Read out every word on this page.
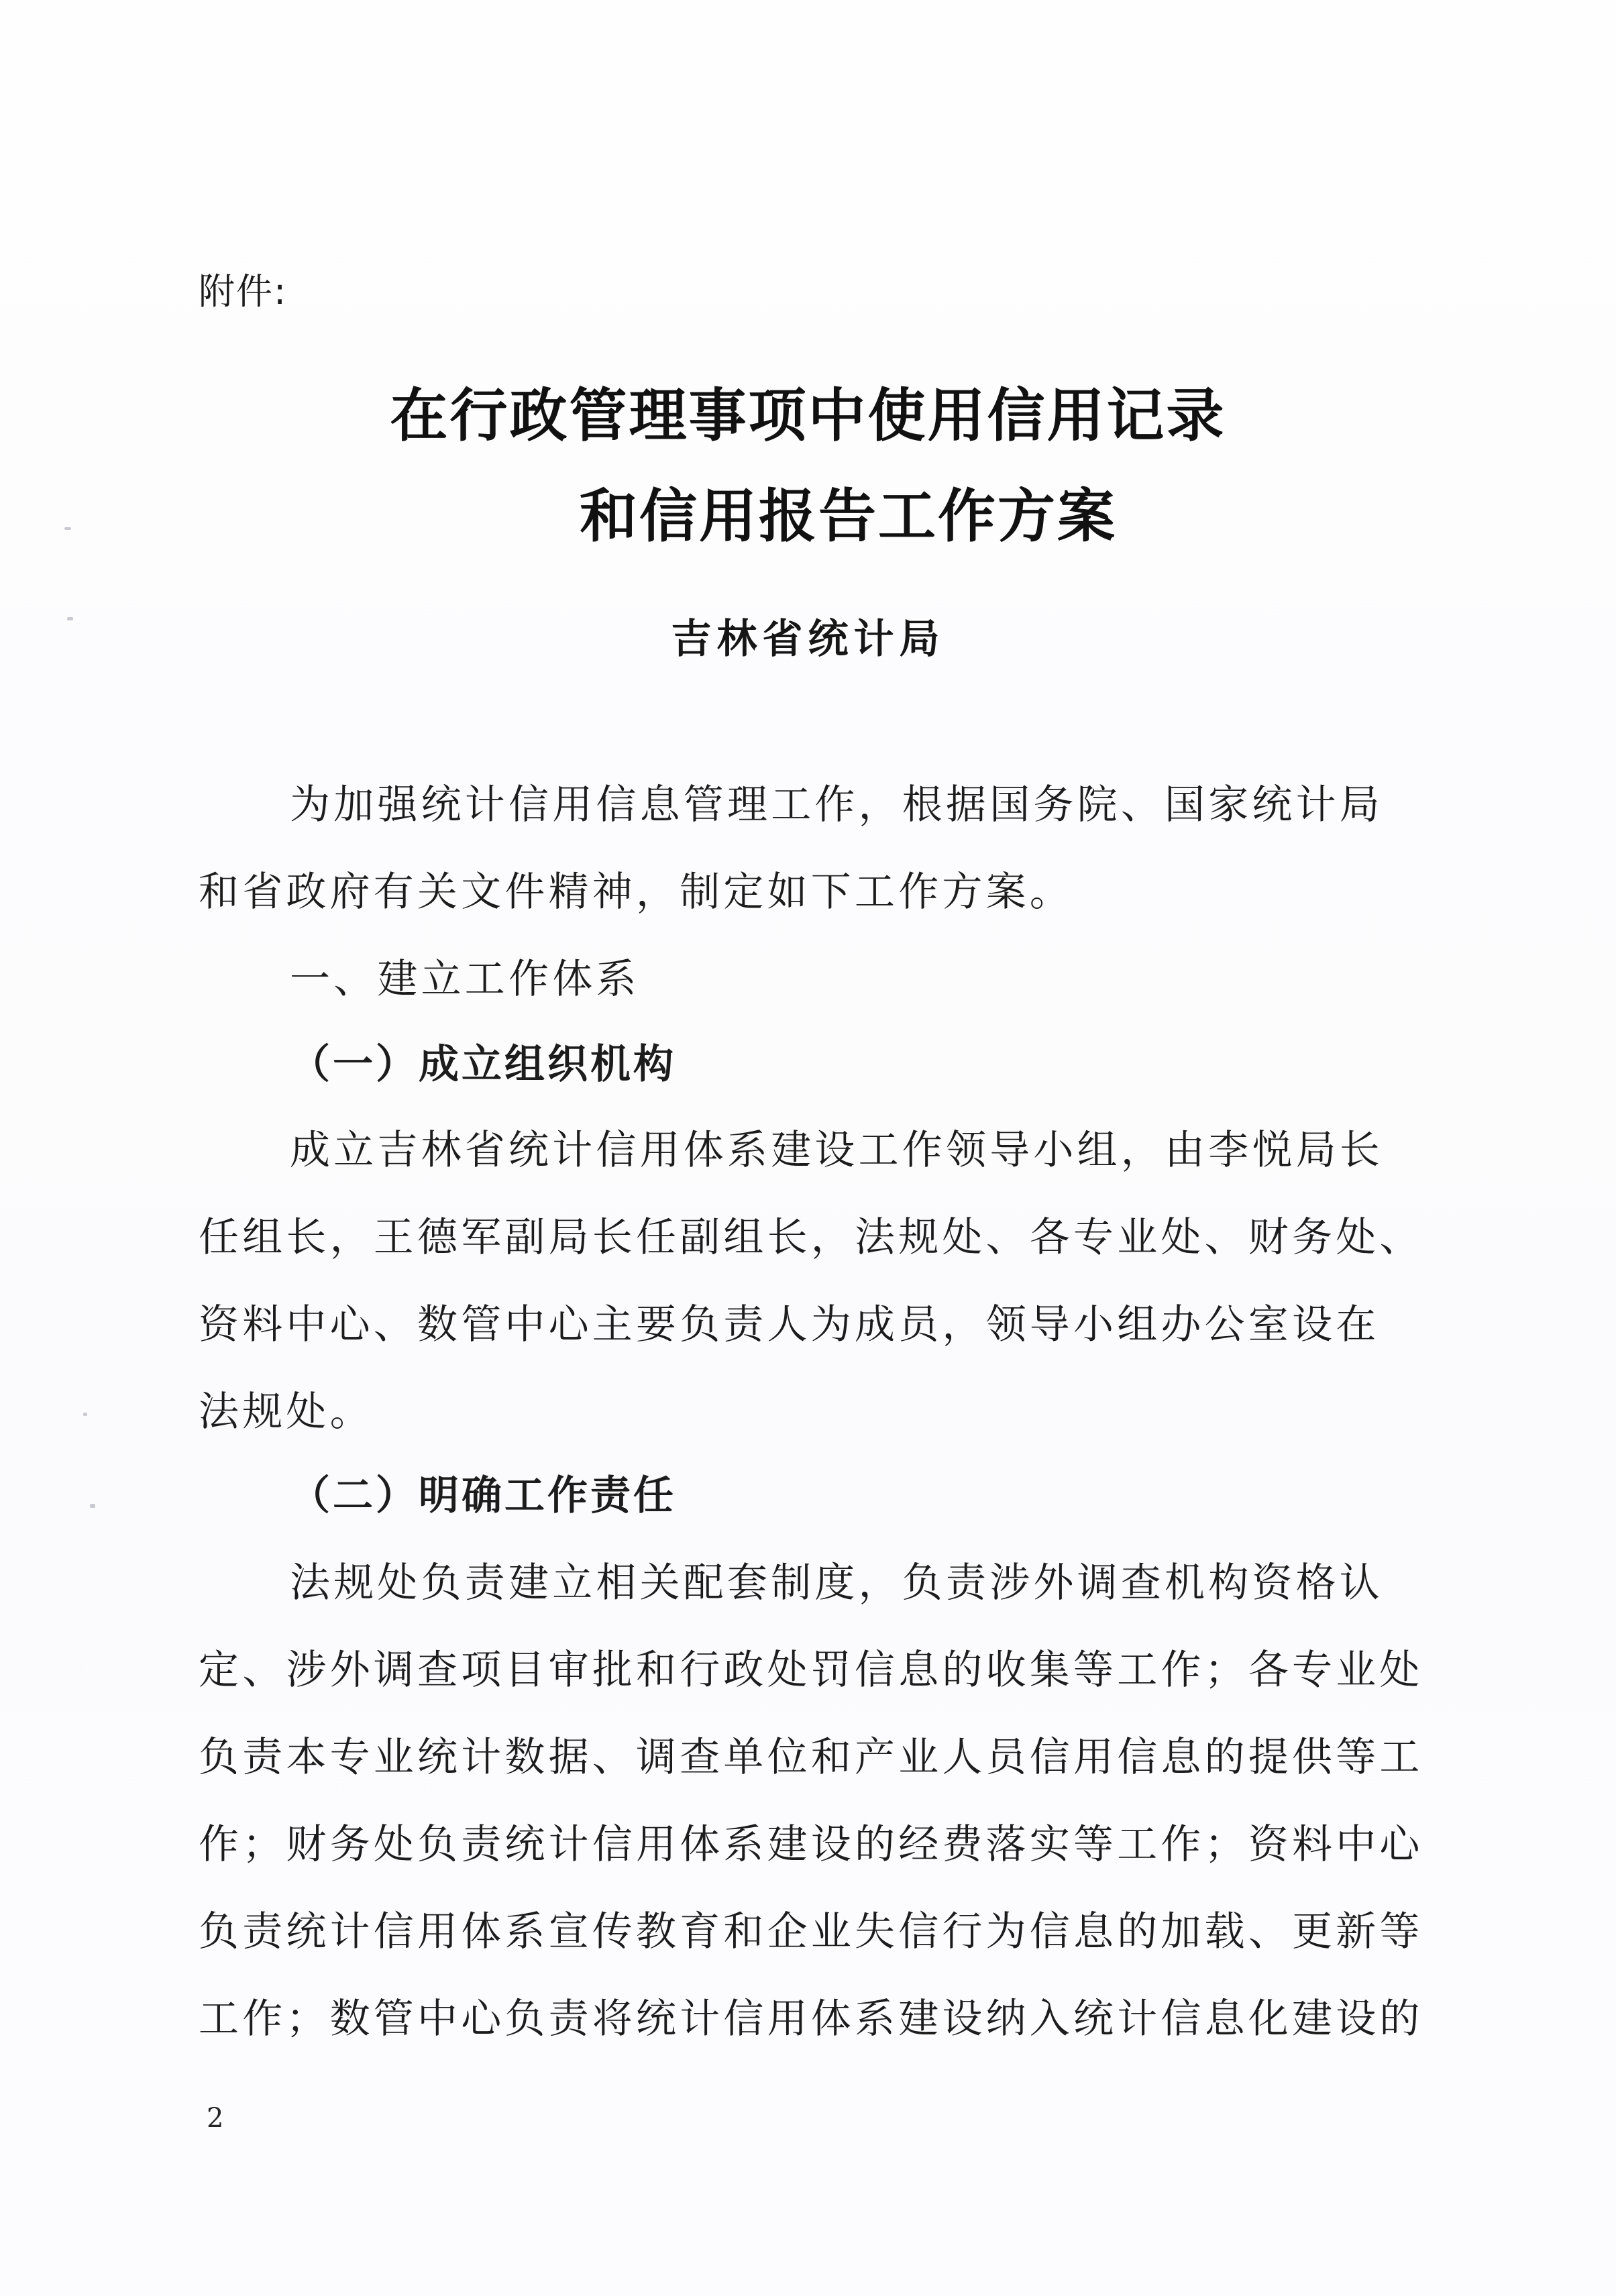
附件:
在行政管理事项中使用信用记录
和信用报告工作方案
吉林省统计局
为加强统计信用信息管理工作，根据国务院、国家统计局
和省政府有关文件精神，制定如下工作方案。
一、建立工作体系
（一）成立组织机构
成立吉林省统计信用体系建设工作领导小组，由李悦局长
任组长，王德军副局长任副组长，法规处、各专业处、财务处、
资料中心、数管中心主要负责人为成员，领导小组办公室设在
法规处。
（二）明确工作责任
法规处负责建立相关配套制度，负责涉外调查机构资格认
定、涉外调查项目审批和行政处罚信息的收集等工作；各专业处
负责本专业统计数据、调查单位和产业人员信用信息的提供等工
作；财务处负责统计信用体系建设的经费落实等工作；资料中心
负责统计信用体系宣传教育和企业失信行为信息的加载、更新等
工作；数管中心负责将统计信用体系建设纳入统计信息化建设的
2
